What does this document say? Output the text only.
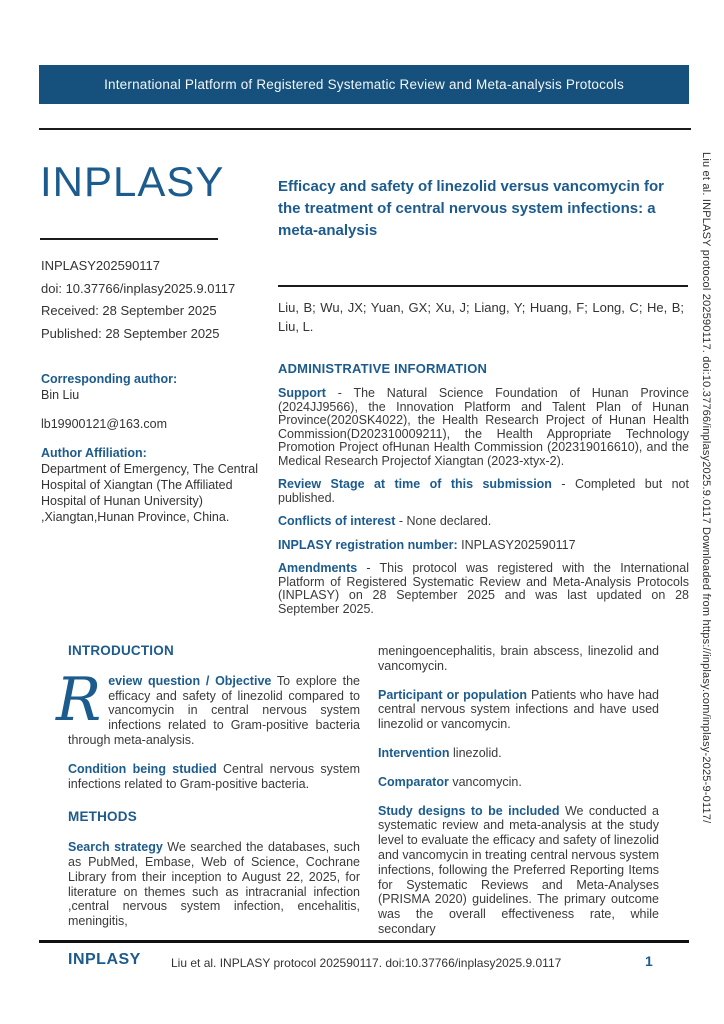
International Platform of Registered Systematic Review and Meta-analysis Protocols
INPLASY
INPLASY202590117
doi: 10.37766/inplasy2025.9.0117
Received: 28 September 2025
Published: 28 September 2025

Corresponding author:

Bin Liu

lb19900121@163.com

Author Affiliation:

Department of Emergency, The Central Hospital of Xiangtan (The Affiliated Hospital of Hunan University) ,Xiangtan,Hunan Province, China.

Efficacy and safety of linezolid versus vancomycin for the treatment of central nervous system infections: a meta-analysis
Liu, B; Wu, JX; Yuan, GX; Xu, J; Liang, Y; Huang, F; Long, C; He, B; Liu, L.
ADMINISTRATIVE INFORMATION

Support - The Natural Science Foundation of Hunan Province (2024JJ9566), the Innovation Platform and Talent Plan of Hunan Province(2020SK4022), the Health Research Project of Hunan Health Commission(D202310009211), the Health Appropriate Technology Promotion Project ofHunan Health Commission (202319016610), and the Medical Research Projectof Xiangtan (2023-xtyx-2).

Review Stage at time of this submission - Completed but not published.

Conflicts of interest - None declared.

INPLASY registration number: INPLASY202590117

Amendments - This protocol was registered with the International Platform of Registered Systematic Review and Meta-Analysis Protocols (INPLASY) on 28 September 2025 and was last updated on 28 September 2025.

INTRODUCTION

Review question / Objective To explore the efficacy and safety of linezolid compared to vancomycin in central nervous system infections related to Gram-positive bacteria through meta-analysis.

Condition being studied Central nervous system infections related to Gram-positive bacteria.

METHODS

Search strategy We searched the databases, such as PubMed, Embase, Web of Science, Cochrane Library from their inception to August 22, 2025, for literature on themes such as intracranial infection ,central nervous system infection, encehalitis, meningitis,

meningoencephalitis, brain abscess, linezolid and vancomycin.

Participant or population Patients who have had central nervous system infections and have used linezolid or vancomycin.

Intervention linezolid.

Comparator vancomycin.

Study designs to be included We conducted a systematic review and meta-analysis at the study level to evaluate the efficacy and safety of linezolid and vancomycin in treating central nervous system infections, following the Preferred Reporting Items for Systematic Reviews and Meta-Analyses (PRISMA 2020) guidelines. The primary outcome was the overall effectiveness rate, while secondary

INPLASY	Liu et al. INPLASY protocol 202590117. doi:10.37766/inplasy2025.9.0117	1
Liu et al. INPLASY protocol 202590117. doi:10.37766/inplasy2025.9.0117 Downloaded from https://inplasy.com/inplasy-2025-9-0117/
